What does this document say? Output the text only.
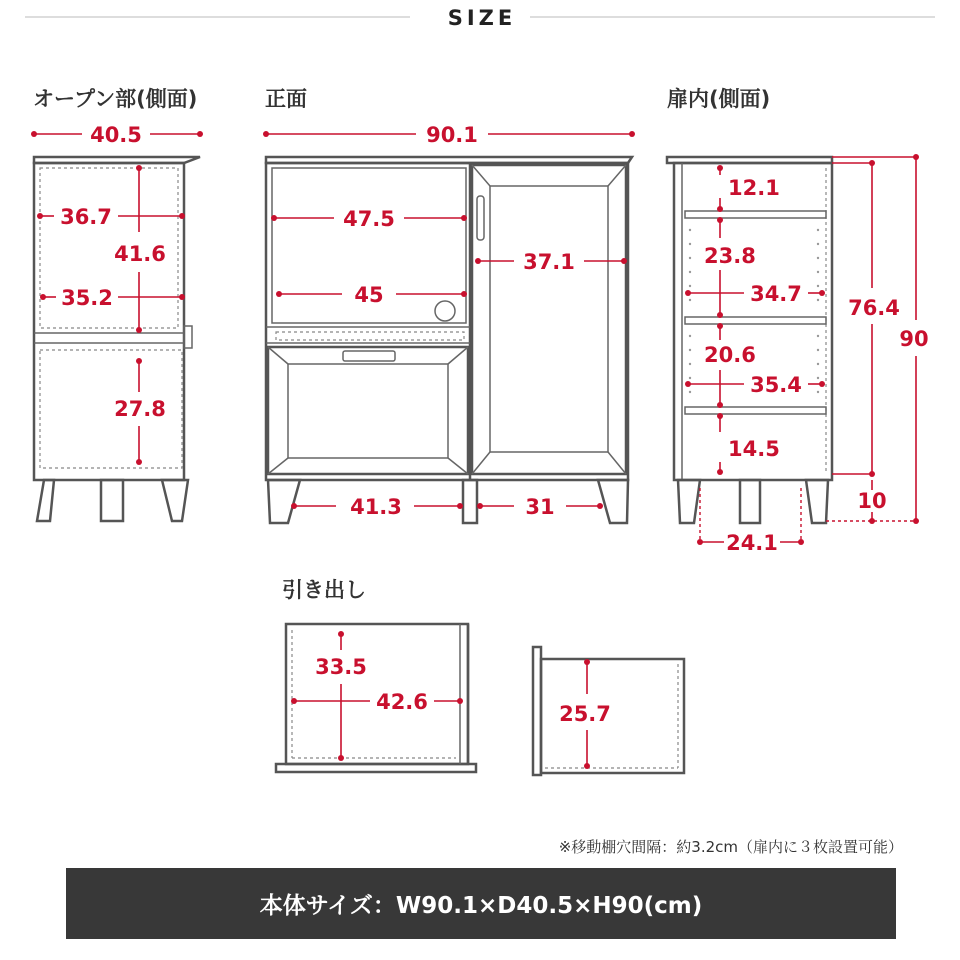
SIZE
オープン部(側面)	正面	扉内(側面)
引き出し
40.5
36.7
41.6
35.2
27.8
90.1
47.5
37.1
45
41.3	31
12.1
23.8
34.7
20.6
35.4
14.5
76.4
90
10
24.1
33.5
42.6	25.7
※移動棚穴間隔：約3.2cm（扉内に３枚設置可能）
本体サイズ：W90.1×D40.5×H90(cm)
